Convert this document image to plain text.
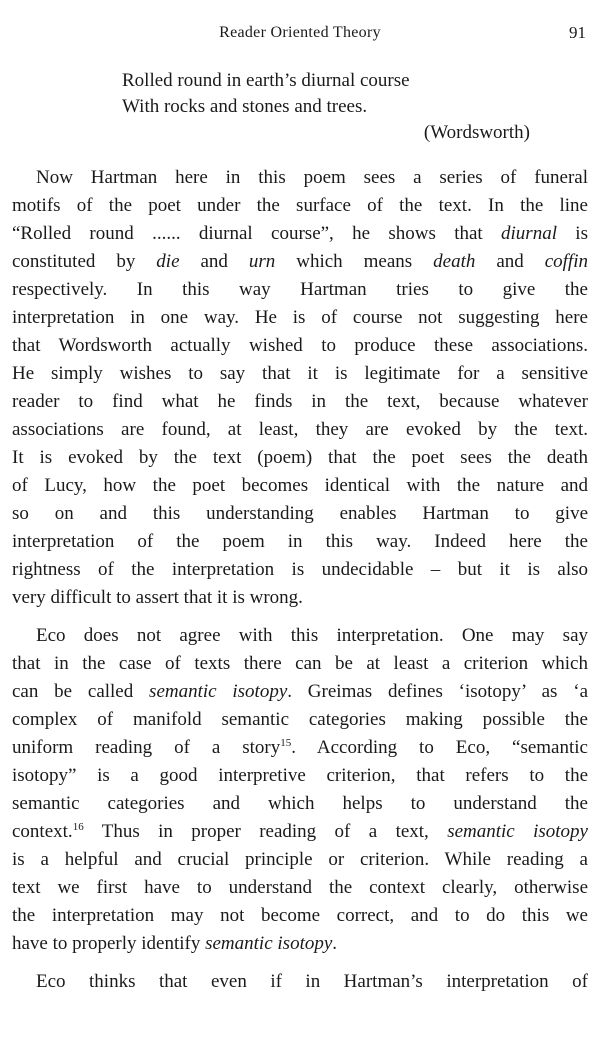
Reader Oriented Theory	91
Rolled round in earth’s diurnal course
With rocks and stones and trees.
(Wordsworth)
Now Hartman here in this poem sees a series of funeral
motifs of the poet under the surface of the text. In the line
“Rolled round ...... diurnal course”, he shows that diurnal is
constituted by die and urn which means death and coffin
respectively. In this way Hartman tries to give the
interpretation in one way. He is of course not suggesting here
that Wordsworth actually wished to produce these associations.
He simply wishes to say that it is legitimate for a sensitive
reader to find what he finds in the text, because whatever
associations are found, at least, they are evoked by the text.
It is evoked by the text (poem) that the poet sees the death
of Lucy, how the poet becomes identical with the nature and
so on and this understanding enables Hartman to give
interpretation of the poem in this way. Indeed here the
rightness of the interpretation is undecidable – but it is also
very difficult to assert that it is wrong.
Eco does not agree with this interpretation. One may say
that in the case of texts there can be at least a criterion which
can be called semantic isotopy. Greimas defines ‘isotopy’ as ‘a
complex of manifold semantic categories making possible the
uniform reading of a story$^{15}$. According to Eco, “semantic
isotopy” is a good interpretive criterion, that refers to the
semantic categories and which helps to understand the
context.$^{16}$ Thus in proper reading of a text, semantic isotopy
is a helpful and crucial principle or criterion. While reading a
text we first have to understand the context clearly, otherwise
the interpretation may not become correct, and to do this we
have to properly identify semantic isotopy.
Eco thinks that even if in Hartman’s interpretation of
